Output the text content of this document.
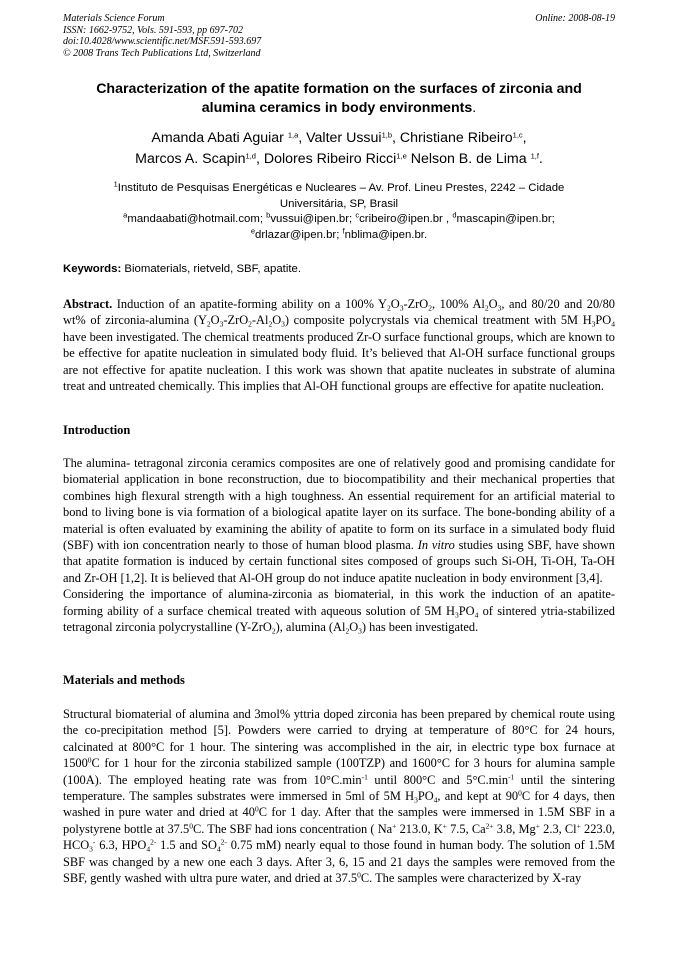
Materials Science Forum
ISSN: 1662-9752, Vols. 591-593, pp 697-702
doi:10.4028/www.scientific.net/MSF.591-593.697
© 2008 Trans Tech Publications Ltd, Switzerland
Online: 2008-08-19
Characterization of the apatite formation on the surfaces of zirconia and
alumina ceramics in body environments.
Amanda Abati Aguiar $^{1,a}$, Valter Ussui$^{1,b}$, Christiane Ribeiro$^{1,c}$,
Marcos A. Scapin$^{1,d}$, Dolores Ribeiro Ricci$^{1,e}$ Nelson B. de Lima $^{1,f}$.
$^1$Instituto de Pesquisas Energéticas e Nucleares – Av. Prof. Lineu Prestes, 2242 – Cidade
Universitária, SP, Brasil
$^a$mandaabati@hotmail.com; $^b$vussui@ipen.br; $^c$cribeiro@ipen.br , $^d$mascapin@ipen.br;
$^e$drlazar@ipen.br; $^f$nblima@ipen.br.
Keywords: Biomaterials, rietveld, SBF, apatite.

Abstract. Induction of an apatite-forming ability on a 100% $Y_2O_3-ZrO_2$, 100% $Al_2O_3$, and 80/20 and 20/80 wt% of zirconia-alumina $(Y_2O_3-ZrO_2-Al_2O_3)$ composite polycrystals via chemical treatment with 5M $H_3PO_4$ have been investigated. The chemical treatments produced Zr-O surface functional groups, which are known to be effective for apatite nucleation in simulated body fluid. It’s believed that Al-OH surface functional groups are not effective for apatite nucleation. I this work was shown that apatite nucleates in substrate of alumina treat and untreated chemically. This implies that Al-OH functional groups are effective for apatite nucleation.

Introduction

The alumina- tetragonal zirconia ceramics composites are one of relatively good and promising candidate for biomaterial application in bone reconstruction, due to biocompatibility and their mechanical properties that combines high flexural strength with a high toughness. An essential requirement for an artificial material to bond to living bone is via formation of a biological apatite layer on its surface. The bone-bonding ability of a material is often evaluated by examining the ability of apatite to form on its surface in a simulated body fluid (SBF) with ion concentration nearly to those of human blood plasma. In vitro studies using SBF, have shown that apatite formation is induced by certain functional sites composed of groups such Si-OH, Ti-OH, Ta-OH and Zr-OH [1,2]. It is believed that Al-OH group do not induce apatite nucleation in body environment [3,4].

Considering the importance of alumina-zirconia as biomaterial, in this work the induction of an apatite-forming ability of a surface chemical treated with aqueous solution of 5M $H_3PO_4$ of sintered ytria-stabilized tetragonal zirconia polycrystalline (Y-ZrO$_2$), alumina $(Al_2O_3)$ has been investigated.

Materials and methods

Structural biomaterial of alumina and 3mol% yttria doped zirconia has been prepared by chemical route using the co-precipitation method [5]. Powders were carried to drying at temperature of 80°C for 24 hours, calcinated at 800°C for 1 hour. The sintering was accomplished in the air, in electric type box furnace at 1500$^0$C for 1 hour for the zirconia stabilized sample (100TZP) and 1600°C for 3 hours for alumina sample (100A). The employed heating rate was from $10^\circ C.\min^{-1}$ until 800°C and $5^\circ C.\min^{-1}$ until the sintering temperature. The samples substrates were immersed in 5ml of 5M $H_3PO_4$, and kept at $90^0C$ for 4 days, then washed in pure water and dried at $40^0C$ for 1 day. After that the samples were immersed in 1.5M SBF in a polystyrene bottle at 37.5$^0$C. The SBF had ions concentration ( Na+ 213.0, K+ 7.5, $Ca^{2+}$ 3.8, Mg+ 2.3, Cl+ 223.0, $HCO_3^-$ 6.3, $HPO_4^{2-}$ 1.5 and $SO_4^{2-}$ 0.75 mM) nearly equal to those found in human body. The solution of 1.5M SBF was changed by a new one each 3 days. After 3, 6, 15 and 21 days the samples were removed from the SBF, gently washed with ultra pure water, and dried at 37.5$^0$C. The samples were characterized by X-ray
